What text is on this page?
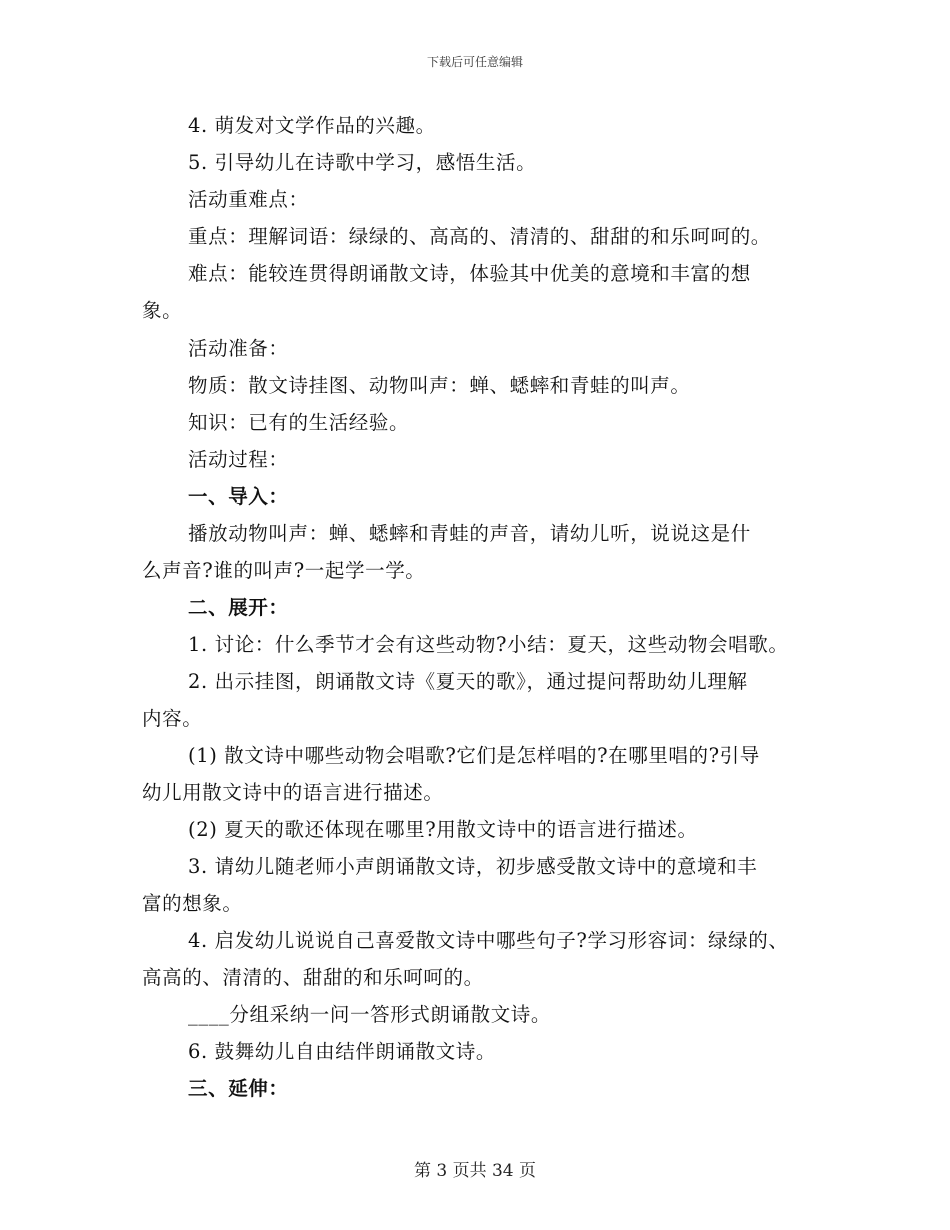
下载后可任意编辑
4. 萌发对文学作品的兴趣。
5. 引导幼儿在诗歌中学习，感悟生活。
活动重难点：
重点：理解词语：绿绿的、高高的、清清的、甜甜的和乐呵呵的。
难点：能较连贯得朗诵散文诗，体验其中优美的意境和丰富的想
象。
活动准备：
物质：散文诗挂图、动物叫声：蝉、蟋蟀和青蛙的叫声。
知识：已有的生活经验。
活动过程：
一、导入：
播放动物叫声：蝉、蟋蟀和青蛙的声音，请幼儿听，说说这是什
么声音?谁的叫声?一起学一学。
二、展开：
1. 讨论：什么季节才会有这些动物?小结：夏天，这些动物会唱歌。
2. 出示挂图，朗诵散文诗《夏天的歌》，通过提问帮助幼儿理解
内容。
(1) 散文诗中哪些动物会唱歌?它们是怎样唱的?在哪里唱的?引导
幼儿用散文诗中的语言进行描述。
(2) 夏天的歌还体现在哪里?用散文诗中的语言进行描述。
3. 请幼儿随老师小声朗诵散文诗，初步感受散文诗中的意境和丰
富的想象。
4. 启发幼儿说说自己喜爱散文诗中哪些句子?学习形容词：绿绿的、
高高的、清清的、甜甜的和乐呵呵的。
____分组采纳一问一答形式朗诵散文诗。
6. 鼓舞幼儿自由结伴朗诵散文诗。
三、延伸：
第 3 页共 34 页
